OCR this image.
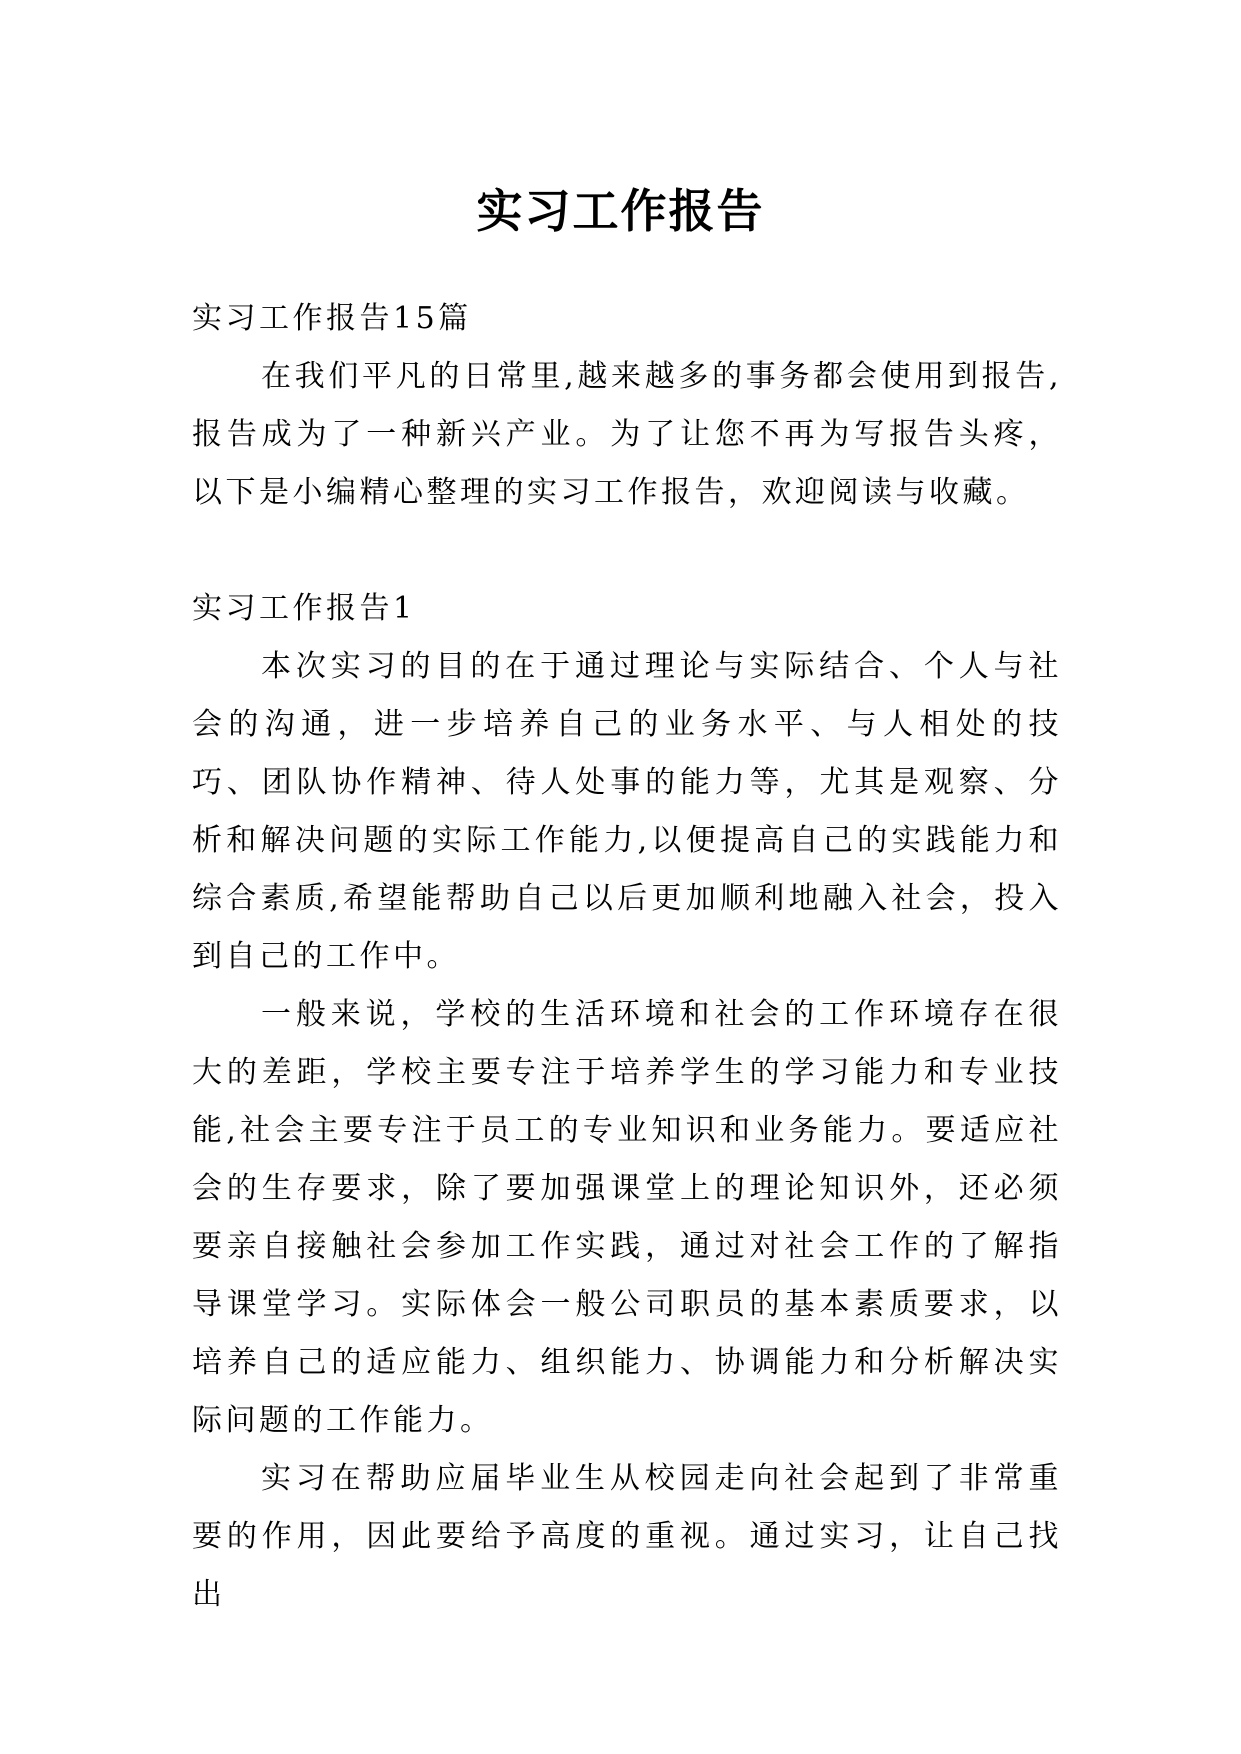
实习工作报告

实习工作报告15篇

在我们平凡的日常里,越来越多的事务都会使用到报告,报告成为了一种新兴产业。为了让您不再为写报告头疼，以下是小编精心整理的实习工作报告，欢迎阅读与收藏。

实习工作报告1

本次实习的目的在于通过理论与实际结合、个人与社会的沟通，进一步培养自己的业务水平、与人相处的技巧、团队协作精神、待人处事的能力等，尤其是观察、分析和解决问题的实际工作能力,以便提高自己的实践能力和综合素质,希望能帮助自己以后更加顺利地融入社会，投入到自己的工作中。

一般来说，学校的生活环境和社会的工作环境存在很大的差距，学校主要专注于培养学生的学习能力和专业技能,社会主要专注于员工的专业知识和业务能力。要适应社会的生存要求，除了要加强课堂上的理论知识外，还必须要亲自接触社会参加工作实践，通过对社会工作的了解指导课堂学习。实际体会一般公司职员的基本素质要求，以培养自己的适应能力、组织能力、协调能力和分析解决实际问题的工作能力。

实习在帮助应届毕业生从校园走向社会起到了非常重要的作用，因此要给予高度的重视。通过实习，让自己找出
